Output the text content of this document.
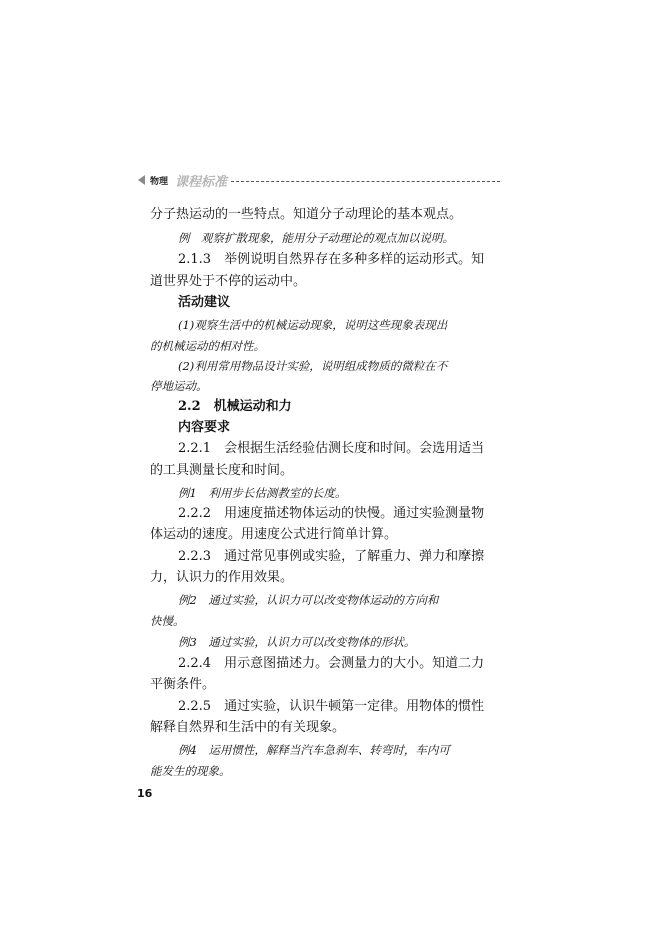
物理 课程标准
分子热运动的一些特点。知道分子动理论的基本观点。
例　观察扩散现象，能用分子动理论的观点加以说明。
2.1.3　举例说明自然界存在多种多样的运动形式。知
道世界处于不停的运动中。
活动建议
(1)观察生活中的机械运动现象，说明这些现象表现出
的机械运动的相对性。
(2)利用常用物品设计实验，说明组成物质的微粒在不
停地运动。
2.2　机械运动和力
内容要求
2.2.1　会根据生活经验估测长度和时间。会选用适当
的工具测量长度和时间。
例1　利用步长估测教室的长度。
2.2.2　用速度描述物体运动的快慢。通过实验测量物
体运动的速度。用速度公式进行简单计算。
2.2.3　通过常见事例或实验，了解重力、弹力和摩擦
力，认识力的作用效果。
例2　通过实验，认识力可以改变物体运动的方向和
快慢。
例3　通过实验，认识力可以改变物体的形状。
2.2.4　用示意图描述力。会测量力的大小。知道二力
平衡条件。
2.2.5　通过实验，认识牛顿第一定律。用物体的惯性
解释自然界和生活中的有关现象。
例4　运用惯性，解释当汽车急刹车、转弯时，车内可
能发生的现象。
16
